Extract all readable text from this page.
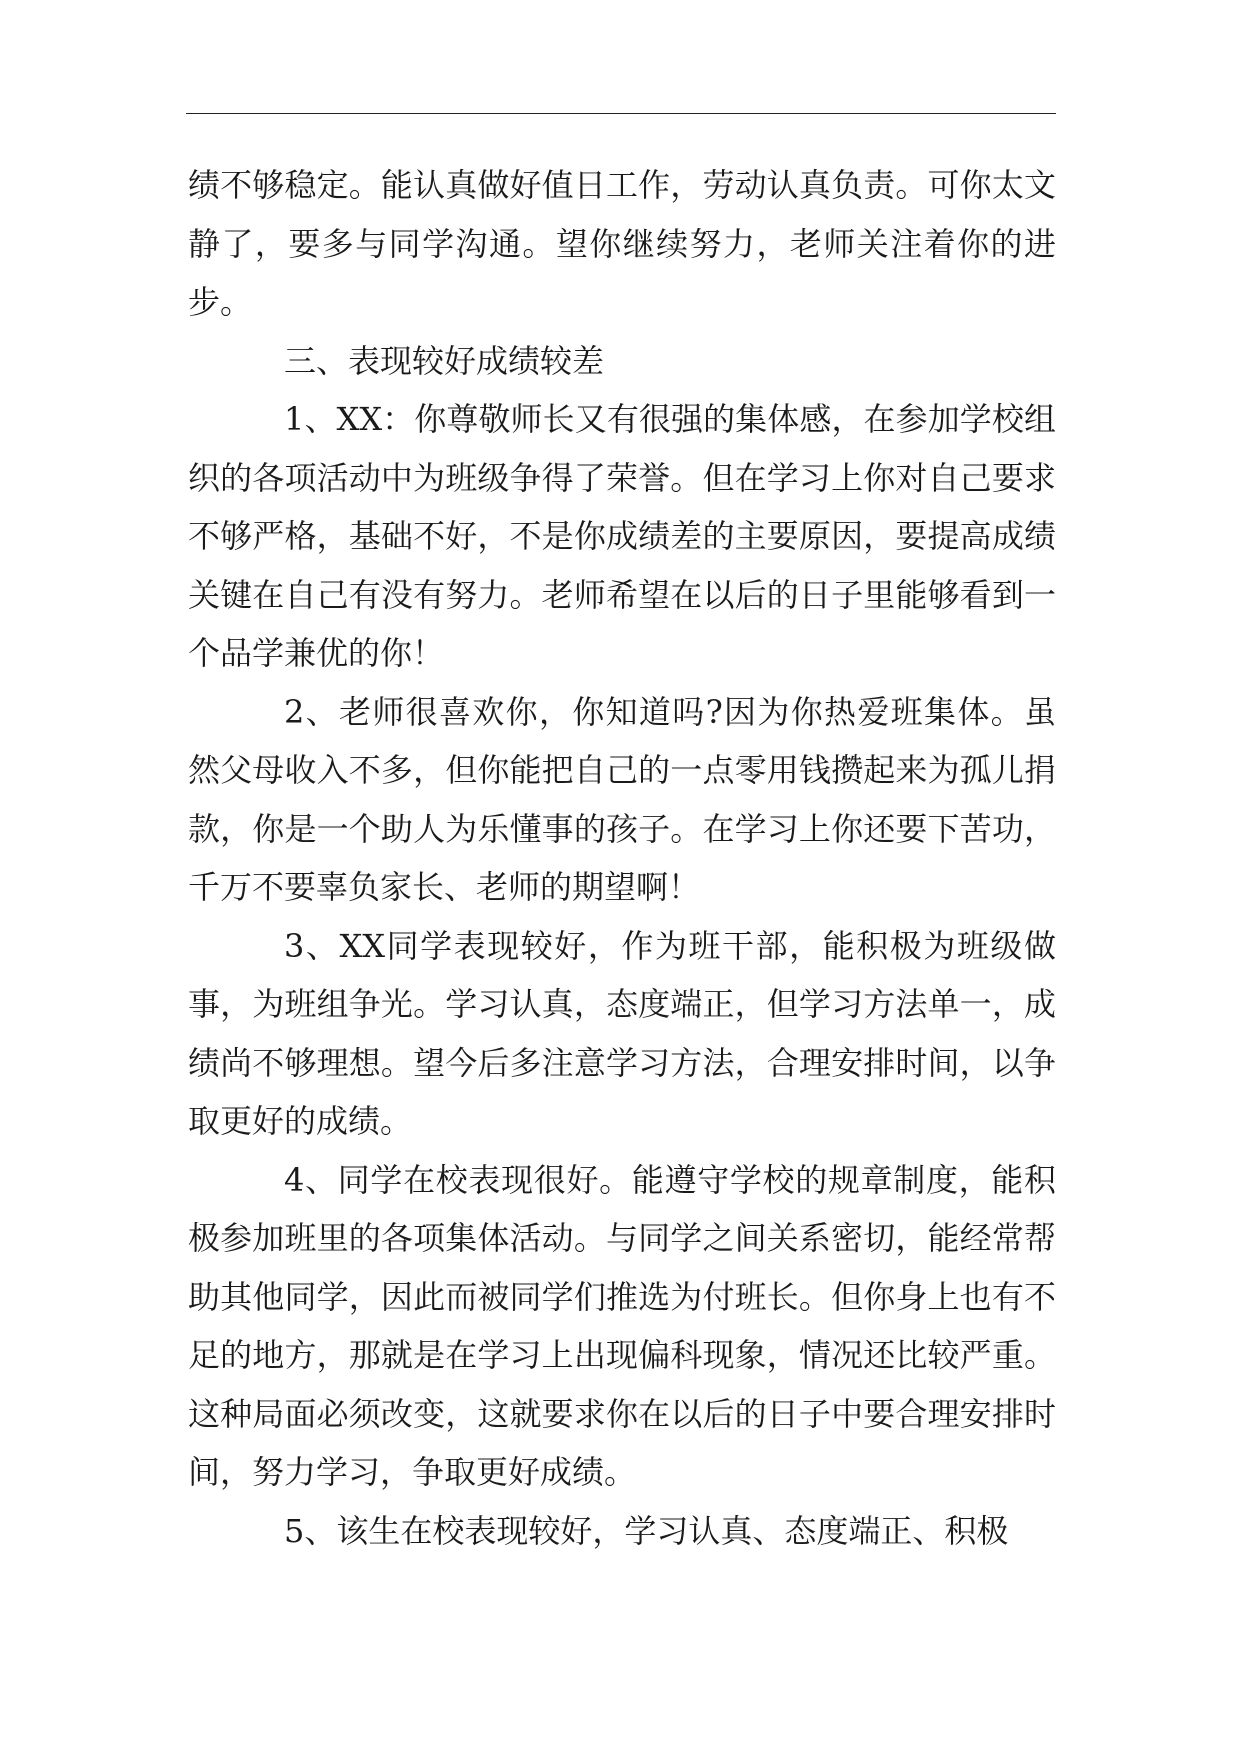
绩不够稳定。能认真做好值日工作，劳动认真负责。可你太文静了，要多与同学沟通。望你继续努力，老师关注着你的进步。

三、表现较好成绩较差

1、XX：你尊敬师长又有很强的集体感，在参加学校组织的各项活动中为班级争得了荣誉。但在学习上你对自己要求不够严格，基础不好，不是你成绩差的主要原因，要提高成绩关键在自己有没有努力。老师希望在以后的日子里能够看到一个品学兼优的你！

2、老师很喜欢你，你知道吗?因为你热爱班集体。虽然父母收入不多，但你能把自己的一点零用钱攒起来为孤儿捐款，你是一个助人为乐懂事的孩子。在学习上你还要下苦功，千万不要辜负家长、老师的期望啊！

3、XX同学表现较好，作为班干部，能积极为班级做事，为班组争光。学习认真，态度端正，但学习方法单一，成绩尚不够理想。望今后多注意学习方法，合理安排时间，以争取更好的成绩。

4、同学在校表现很好。能遵守学校的规章制度，能积极参加班里的各项集体活动。与同学之间关系密切，能经常帮助其他同学，因此而被同学们推选为付班长。但你身上也有不足的地方，那就是在学习上出现偏科现象，情况还比较严重。这种局面必须改变，这就要求你在以后的日子中要合理安排时间，努力学习，争取更好成绩。

5、该生在校表现较好，学习认真、态度端正、积极
